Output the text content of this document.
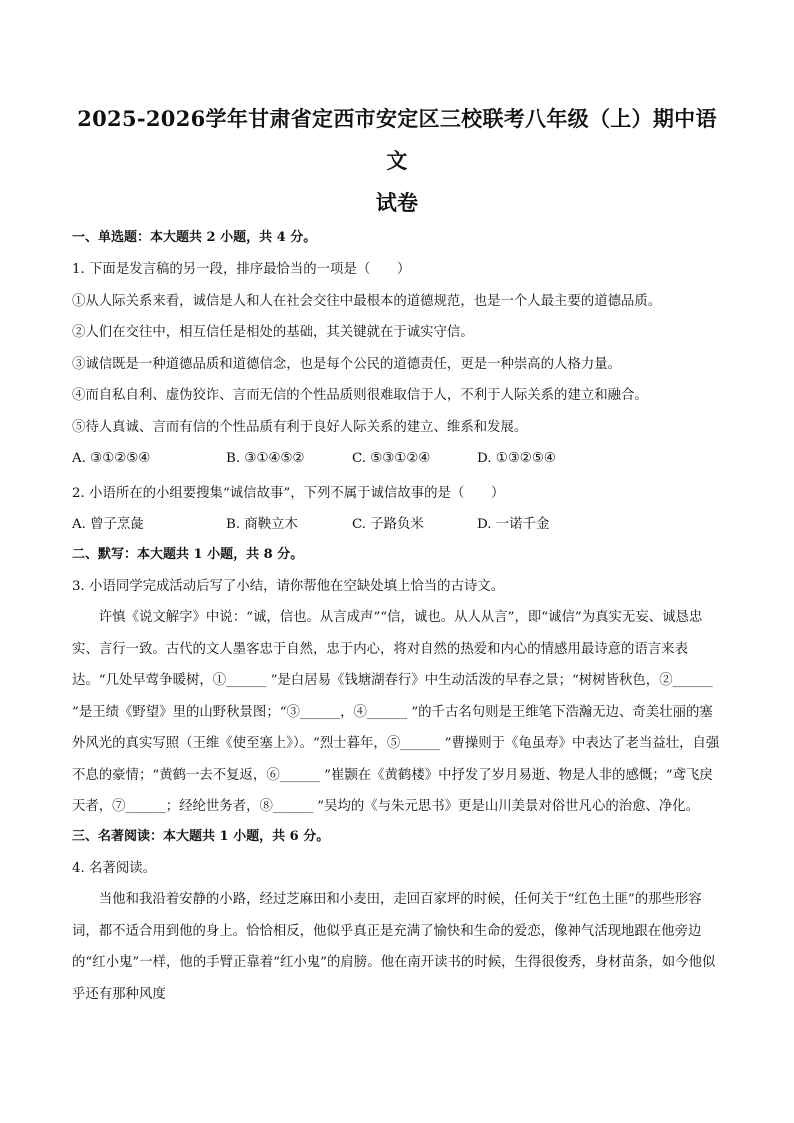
2025-2026学年甘肃省定西市安定区三校联考八年级（上）期中语文
试卷
一、单选题：本大题共 2 小题，共 4 分。

1. 下面是发言稿的另一段，排序最恰当的一项是（　　）

①从人际关系来看，诚信是人和人在社会交往中最根本的道德规范，也是一个人最主要的道德品质。

②人们在交往中，相互信任是相处的基础，其关键就在于诚实守信。

③诚信既是一种道德品质和道德信念，也是每个公民的道德责任，更是一种崇高的人格力量。

④而自私自利、虚伪狡诈、言而无信的个性品质则很难取信于人，不利于人际关系的建立和融合。

⑤待人真诚、言而有信的个性品质有利于良好人际关系的建立、维系和发展。

A. ③①②⑤④	B. ③①④⑤②	C. ⑤③①②④	D. ①③②⑤④

2. 小语所在的小组要搜集“诚信故事”，下列不属于诚信故事的是（　　）

A. 曾子烹彘	B. 商鞅立木	C. 子路负米	D. 一诺千金
二、默写：本大题共 1 小题，共 8 分。

3. 小语同学完成活动后写了小结，请你帮他在空缺处填上恰当的古诗文。

许慎《说文解字》中说：“诚，信也。从言成声”“信，诚也。从人从言”，即“诚信”为真实无妄、诚恳忠实、言行一致。古代的文人墨客忠于自然，忠于内心，将对自然的热爱和内心的情感用最诗意的语言来表达。“几处早莺争暖树，①______ ”是白居易《钱塘湖春行》中生动活泼的早春之景；“树树皆秋色，②______ ”是王绩《野望》里的山野秋景图；“③______，④______ ”的千古名句则是王维笔下浩瀚无边、奇美壮丽的塞外风光的真实写照（王维《使至塞上》）。“烈士暮年，⑤______ ”曹操则于《龟虽寿》中表达了老当益壮，自强不息的豪情；“黄鹤一去不复返，⑥______ ”崔颢在《黄鹤楼》中抒发了岁月易逝、物是人非的感慨；“鸢飞戾天者，⑦______；经纶世务者，⑧______ ”吴均的《与朱元思书》更是山川美景对俗世凡心的治愈、净化。

三、名著阅读：本大题共 1 小题，共 6 分。

4. 名著阅读。

当他和我沿着安静的小路，经过芝麻田和小麦田，走回百家坪的时候，任何关于“红色土匪”的那些形容词，都不适合用到他的身上。恰恰相反，他似乎真正是充满了愉快和生命的爱恋，像神气活现地跟在他旁边的“红小鬼”一样，他的手臂正靠着“红小鬼”的肩膀。他在南开读书的时候，生得很俊秀，身材苗条，如今他似乎还有那种风度
